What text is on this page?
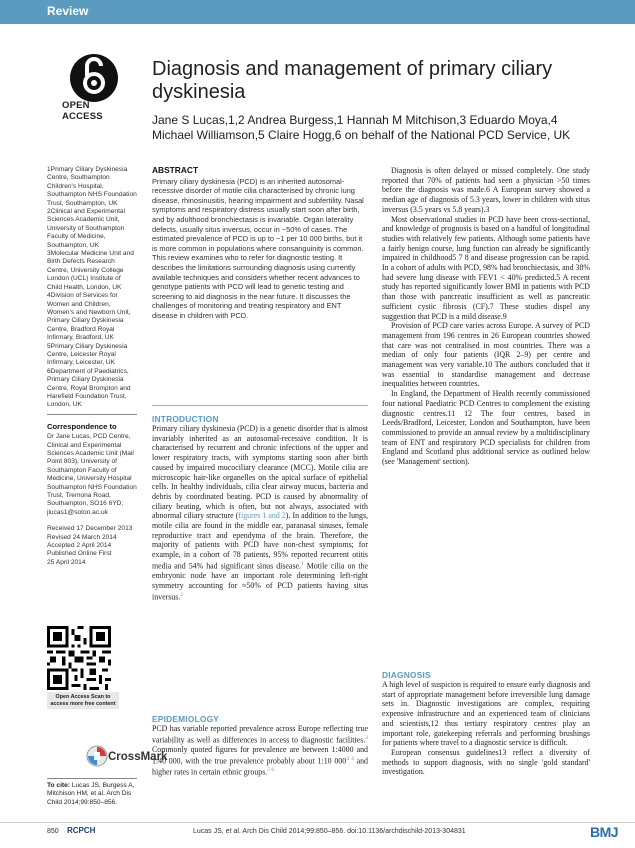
Review
OPEN ACCESS
Diagnosis and management of primary ciliary dyskinesia
Jane S Lucas,1,2 Andrea Burgess,1 Hannah M Mitchison,3 Eduardo Moya,4 Michael Williamson,5 Claire Hogg,6 on behalf of the National PCD Service, UK

1Primary Ciliary Dyskinesia Centre, Southampton Children's Hospital, Southampton NHS Foundation Trust, Southampton, UK

2Clinical and Experimental Sciences Academic Unit, University of Southampton Faculty of Medicine, Southampton, UK

3Molecular Medicine Unit and Birth Defects Research Centre, University College London (UCL) Institute of Child Health, London, UK

4Division of Services for Women and Children, Women's and Newborn Unit, Primary Ciliary Dyskinesia Centre, Bradford Royal Infirmary, Bradford, UK

5Primary Ciliary Dyskinesia Centre, Leicester Royal Infirmary, Leicester, UK

6Department of Paediatrics, Primary Ciliary Dyskinesia Centre, Royal Brompton and Harefield Foundation Trust, London, UK

Correspondence to

Dr Jane Lucas, PCD Centre, Clinical and Experimental Sciences Academic Unit (Mail Point 803), University of Southampton Faculty of Medicine, University Hospital Southampton NHS Foundation Trust, Tremona Road, Southampton, SO16 6YD; jlucas1@soton.ac.uk

Received 17 December 2013

Revised 24 March 2014

Accepted 2 April 2014

Published Online First

25 April 2014

Open Access Scan to access more free content
CrossMark
To cite: Lucas JS, Burgess A, Mitchison HM, et al. Arch Dis Child 2014;99:850–856.
ABSTRACT
Primary ciliary dyskinesia (PCD) is an inherited autosomal-recessive disorder of motile cilia characterised by chronic lung disease, rhinosinusitis, hearing impairment and subfertility. Nasal symptoms and respiratory distress usually start soon after birth, and by adulthood bronchiectasis is invariable. Organ laterality defects, usually situs inversus, occur in ~50% of cases. The estimated prevalence of PCD is up to ~1 per 10 000 births, but it is more common in populations where consanguinity is common. This review examines who to refer for diagnostic testing. It describes the limitations surrounding diagnosis using currently available techniques and considers whether recent advances to genotype patients with PCD will lead to genetic testing and screening to aid diagnosis in the near future. It discusses the challenges of monitoring and treating respiratory and ENT disease in children with PCD.
INTRODUCTION

Primary ciliary dyskinesia (PCD) is a genetic disorder that is almost invariably inherited as an autosomal-recessive condition. It is characterised by recurrent and chronic infections of the upper and lower respiratory tracts, with symptoms starting soon after birth caused by impaired mucociliary clearance (MCC). Motile cilia are microscopic hair-like organelles on the apical surface of epithelial cells. In healthy individuals, cilia clear airway mucus, bacteria and debris by coordinated beating. PCD is caused by abnormality of ciliary beating, which is often, but not always, associated with abnormal ciliary structure (figures 1 and 2). In addition to the lungs, motile cilia are found in the middle ear, paranasal sinuses, female reproductive tract and ependyma of the brain. Therefore, the majority of patients with PCD have non-chest symptoms; for example, in a cohort of 78 patients, 95% reported recurrent otitis media and 54% had significant sinus disease.$^1$ Motile cilia on the embryonic node have an important role determining left-right symmetry accounting for ≈50% of PCD patients having situs inversus.$^2$

EPIDEMIOLOGY

PCD has variable reported prevalence across Europe reflecting true variability as well as differences in access to diagnostic facilities.$^3$ Commonly quoted figures for prevalence are between 1:4000 and 1:40 000, with the true prevalence probably about 1:10 000$^{3 4}$ and higher rates in certain ethnic groups.$^{5 6}$

Diagnosis is often delayed or missed completely. One study reported that 70% of patients had seen a physician >50 times before the diagnosis was made.6 A European survey showed a median age of diagnosis of 5.3 years, lower in children with situs inversus (3.5 years vs 5.8 years).3

Most observational studies in PCD have been cross-sectional, and knowledge of prognosis is based on a handful of longitudinal studies with relatively few patients. Although some patients have a fairly benign course, lung function can already be significantly impaired in childhood5 7 8 and disease progression can be rapid. In a cohort of adults with PCD, 98% had bronchiectasis, and 38% had severe lung disease with FEV1 < 40% predicted.5 A recent study has reported significantly lower BMI in patients with PCD than those with pancreatic insufficient as well as pancreatic sufficient cystic fibrosis (CF).7 These studies dispel any suggestion that PCD is a mild disease.9

Provision of PCD care varies across Europe. A survey of PCD management from 196 centres in 26 European countries showed that care was not centralised in most countries. There was a median of only four patients (IQR 2–9) per centre and management was very variable.10 The authors concluded that it was essential to standardise management and decrease inequalities between countries.

In England, the Department of Health recently commissioned four national Paediatric PCD Centres to complement the existing diagnostic centres.11 12 The four centres, based in Leeds/Bradford, Leicester, London and Southampton, have been commissioned to provide an annual review by a multidisciplinary team of ENT and respiratory PCD specialists for children from England and Scotland plus additional service as outlined below (see 'Management' section).

DIAGNOSIS

A high level of suspicion is required to ensure early diagnosis and start of appropriate management before irreversible lung damage sets in. Diagnostic investigations are complex, requiring expensive infrastructure and an experienced team of clinicians and scientists,12 thus tertiary respiratory centres play an important role, gatekeeping referrals and performing brushings for patients where travel to a diagnostic service is difficult.

European consensus guidelines13 reflect a diversity of methods to support diagnosis, with no single 'gold standard' investigation.

850 RCPCH	Lucas JS, et al. Arch Dis Child 2014;99:850–856. doi:10.1136/archdischild-2013-304831	BMJ
